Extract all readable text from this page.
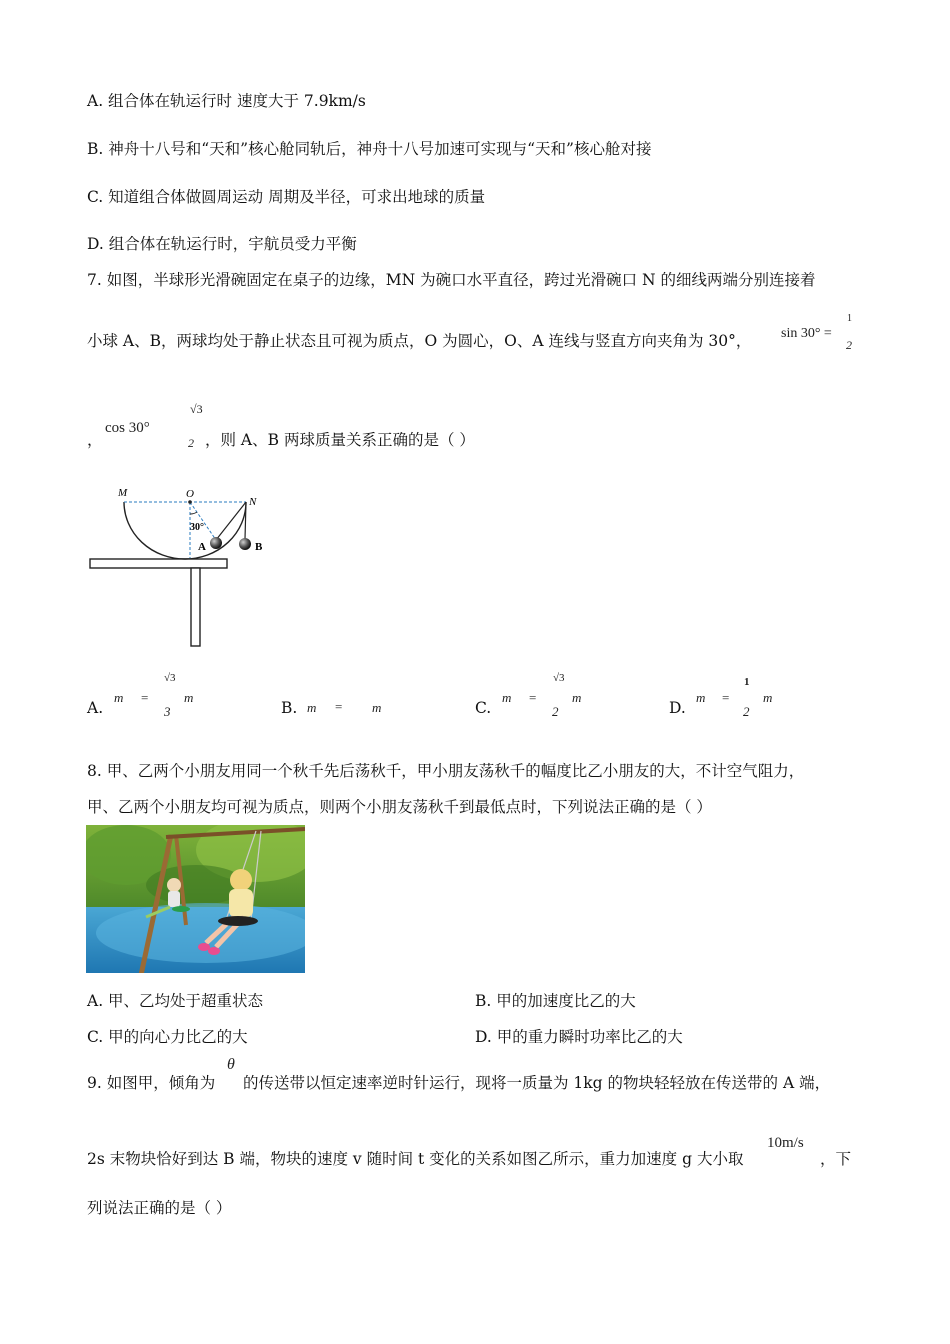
A. 组合体在轨运行时 速度大于 7.9km/s
B. 神舟十八号和“天和”核心舱同轨后，神舟十八号加速可实现与“天和”核心舱对接
C. 知道组合体做圆周运动 周期及半径，可求出地球的质量
D. 组合体在轨运行时，宇航员受力平衡
7. 如图，半球形光滑碗固定在桌子的边缘，MN 为碗口水平直径，跨过光滑碗口 N 的细线两端分别连接着
小球 A、B，两球均处于静止状态且可视为质点，O 为圆心，O、A 连线与竖直方向夹角为 30°， sin 30° =
1
2
，
cos 30°
√3
2 ，则 A、B 两球质量关系正确的是（ ）
M	O
N
30°
A	B
A.
m =
√3
3
m
B. m = m	C.
m =
√3
2
m
D.
m =
1
2
m
8. 甲、乙两个小朋友用同一个秋千先后荡秋千，甲小朋友荡秋千的幅度比乙小朋友的大，不计空气阻力，
甲、乙两个小朋友均可视为质点，则两个小朋友荡秋千到最低点时，下列说法正确的是（ ）
A. 甲、乙均处于超重状态	B. 甲的加速度比乙的大
C. 甲的向心力比乙的大	D. 甲的重力瞬时功率比乙的大
9. 如图甲，倾角为
θ
的传送带以恒定速率逆时针运行，现将一质量为 1kg 的物块轻轻放在传送带的 A 端，
2s 末物块恰好到达 B 端，物块的速度 v 随时间 t 变化的关系如图乙所示，重力加速度 g 大小取
10m/s
，下
列说法正确的是（ ）
